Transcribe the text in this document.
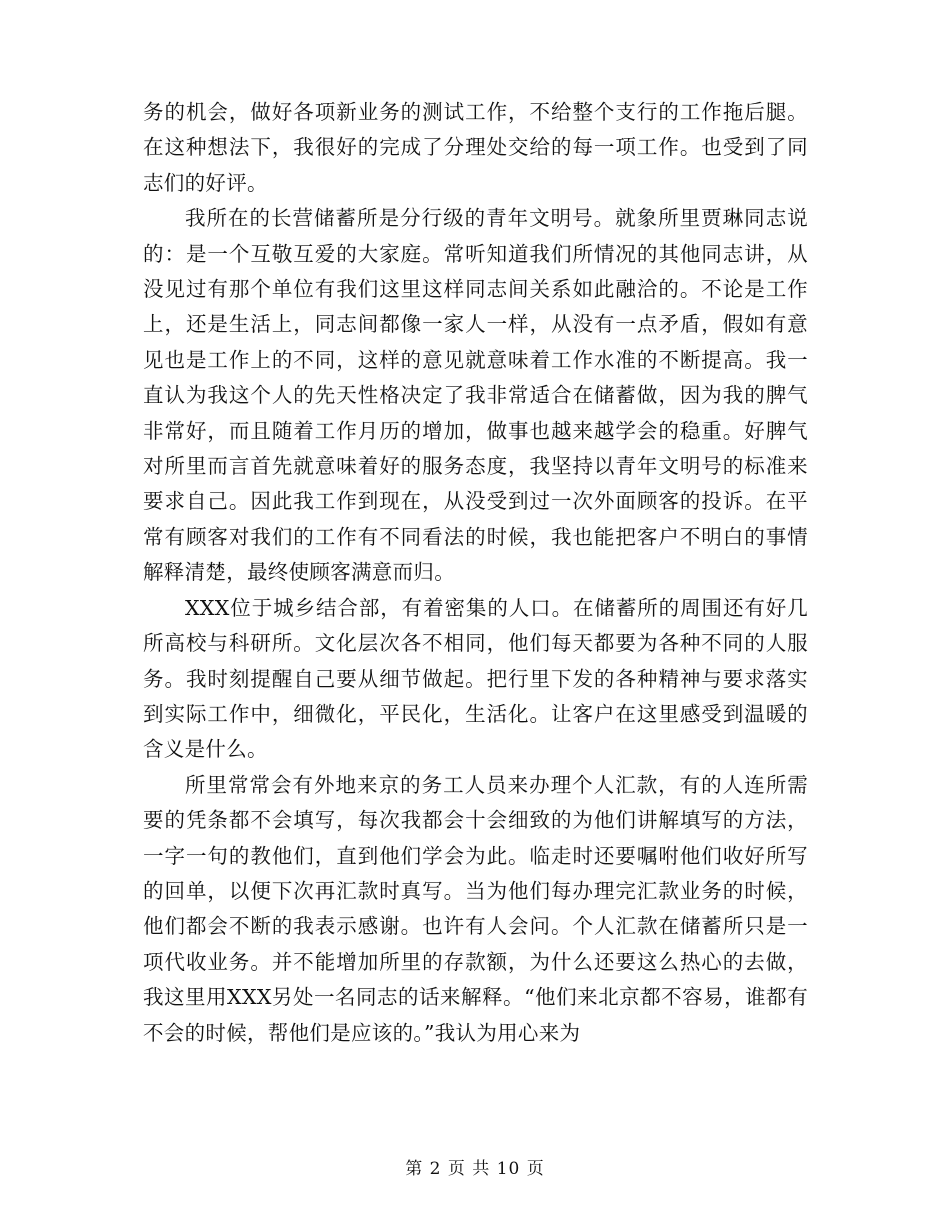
务的机会，做好各项新业务的测试工作，不给整个支行的工作拖后腿。在这种想法下，我很好的完成了分理处交给的每一项工作。也受到了同志们的好评。

我所在的长营储蓄所是分行级的青年文明号。就象所里贾琳同志说的：是一个互敬互爱的大家庭。常听知道我们所情况的其他同志讲，从没见过有那个单位有我们这里这样同志间关系如此融洽的。不论是工作上，还是生活上，同志间都像一家人一样，从没有一点矛盾，假如有意见也是工作上的不同，这样的意见就意味着工作水准的不断提高。我一直认为我这个人的先天性格决定了我非常适合在储蓄做，因为我的脾气非常好，而且随着工作月历的增加，做事也越来越学会的稳重。好脾气对所里而言首先就意味着好的服务态度，我坚持以青年文明号的标准来要求自己。因此我工作到现在，从没受到过一次外面顾客的投诉。在平常有顾客对我们的工作有不同看法的时候，我也能把客户不明白的事情解释清楚，最终使顾客满意而归。

XXX位于城乡结合部，有着密集的人口。在储蓄所的周围还有好几所高校与科研所。文化层次各不相同，他们每天都要为各种不同的人服务。我时刻提醒自己要从细节做起。把行里下发的各种精神与要求落实到实际工作中，细微化，平民化，生活化。让客户在这里感受到温暖的含义是什么。

所里常常会有外地来京的务工人员来办理个人汇款，有的人连所需要的凭条都不会填写，每次我都会十会细致的为他们讲解填写的方法，一字一句的教他们，直到他们学会为此。临走时还要嘱咐他们收好所写的回单，以便下次再汇款时真写。当为他们每办理完汇款业务的时候，他们都会不断的我表示感谢。也许有人会问。个人汇款在储蓄所只是一项代收业务。并不能增加所里的存款额，为什么还要这么热心的去做，我这里用XXX另处一名同志的话来解释。“他们来北京都不容易，谁都有不会的时候，帮他们是应该的。”我认为用心来为

第 2 页 共 10 页
